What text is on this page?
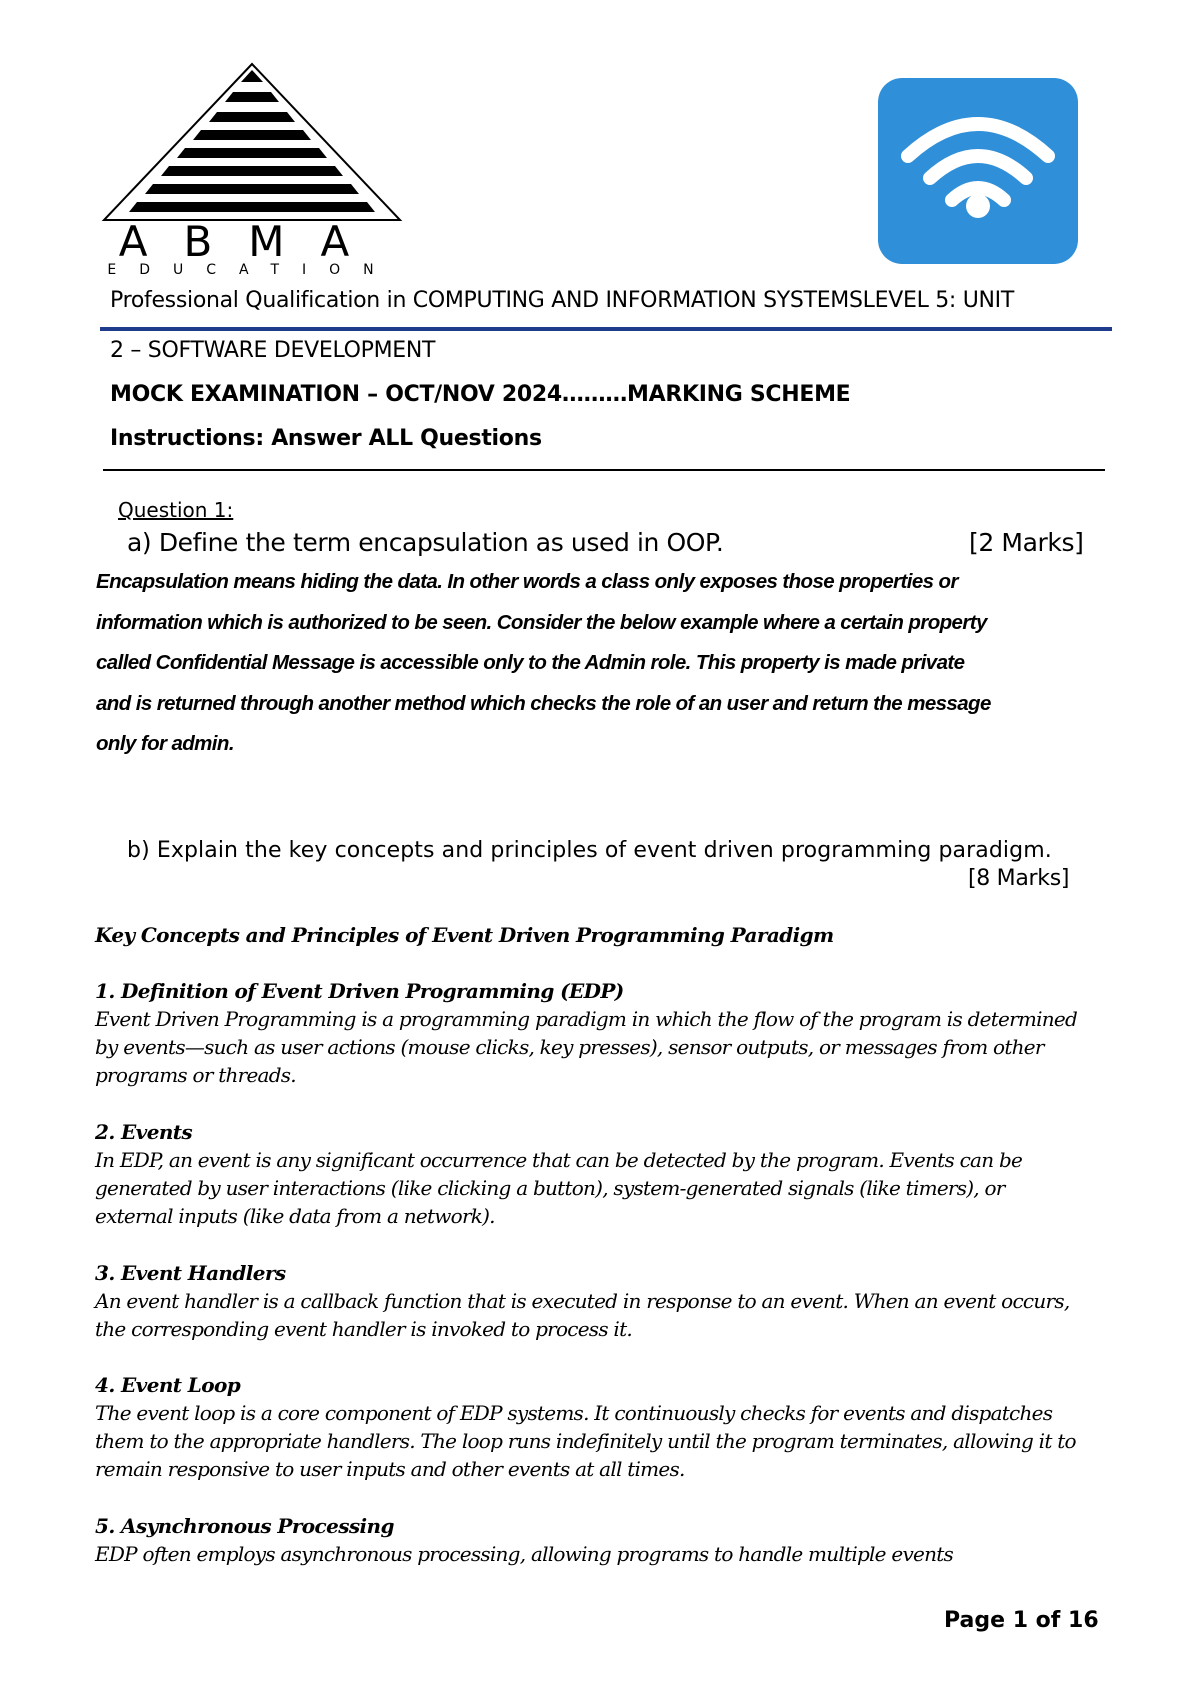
ABMA
EDUCATION
Professional Qualification in COMPUTING AND INFORMATION SYSTEMSLEVEL 5: UNIT
2 – SOFTWARE DEVELOPMENT
MOCK EXAMINATION – OCT/NOV 2024………MARKING SCHEME
Instructions: Answer ALL Questions
Question 1:
a) Define the term encapsulation as used in OOP.	[2 Marks]
Encapsulation means hiding the data. In other words a class only exposes those properties or
information which is authorized to be seen. Consider the below example where a certain property
called Confidential Message is accessible only to the Admin role. This property is made private
and is returned through another method which checks the role of an user and return the message
only for admin.
b) Explain the key concepts and principles of event driven programming paradigm.
[8 Marks]
Key Concepts and Principles of Event Driven Programming Paradigm
1. Definition of Event Driven Programming (EDP)
Event Driven Programming is a programming paradigm in which the flow of the program is determined
by events—such as user actions (mouse clicks, key presses), sensor outputs, or messages from other
programs or threads.
2. Events
In EDP, an event is any significant occurrence that can be detected by the program. Events can be
generated by user interactions (like clicking a button), system-generated signals (like timers), or
external inputs (like data from a network).
3. Event Handlers
An event handler is a callback function that is executed in response to an event. When an event occurs,
the corresponding event handler is invoked to process it.
4. Event Loop
The event loop is a core component of EDP systems. It continuously checks for events and dispatches
them to the appropriate handlers. The loop runs indefinitely until the program terminates, allowing it to
remain responsive to user inputs and other events at all times.
5. Asynchronous Processing
EDP often employs asynchronous processing, allowing programs to handle multiple events
Page 1 of 16
